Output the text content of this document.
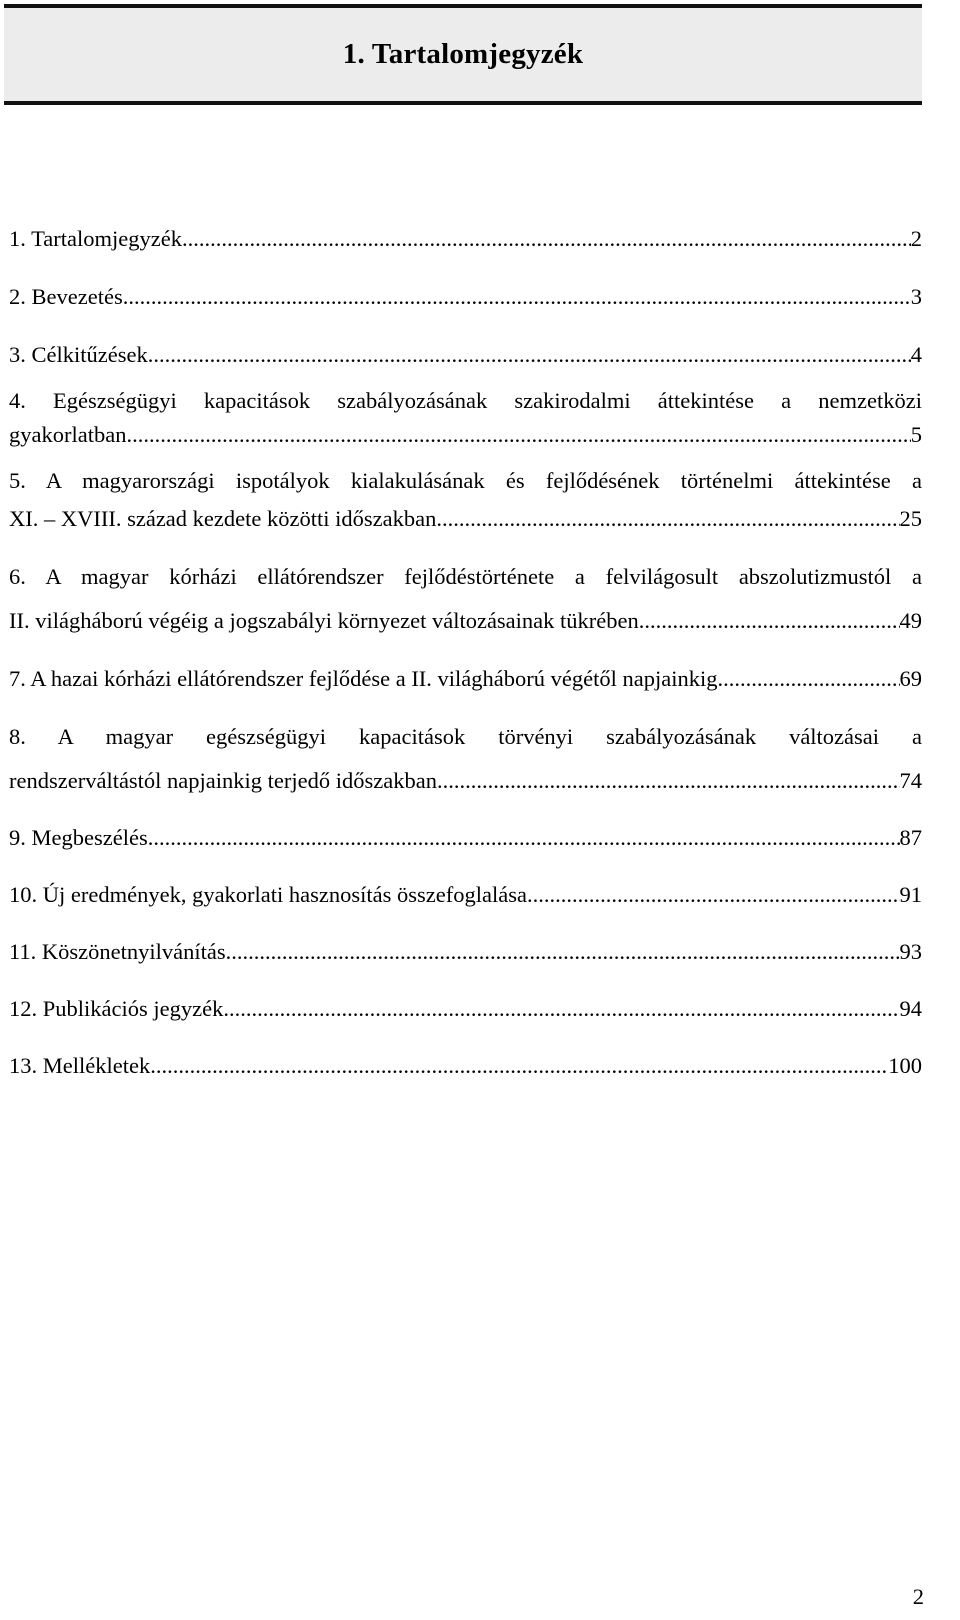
1. Tartalomjegyzék
1. Tartalomjegyzék .....	2
2. Bevezetés .....	3
3. Célkitűzések .....	4
4. Egészségügyi kapacitások szabályozásának szakirodalmi áttekintése a nemzetközi
gyakorlatban. .....	5
5. A magyarországi ispotályok kialakulásának és fejlődésének történelmi áttekintése a
XI. – XVIII. század kezdete közötti időszakban .....	25
6. A magyar kórházi ellátórendszer fejlődéstörténete a felvilágosult abszolutizmustól a
II. világháború végéig a jogszabályi környezet változásainak tükrében .....	49
7. A hazai kórházi ellátórendszer fejlődése a II. világháború végétől napjainkig .....	69
8. A magyar egészségügyi kapacitások törvényi szabályozásának változásai a
rendszerváltástól napjainkig terjedő időszakban .....	74
9. Megbeszélés .....	87
10. Új eredmények, gyakorlati hasznosítás összefoglalása .....	91
11. Köszönetnyilvánítás .....	93
12. Publikációs jegyzék .....	94
13. Mellékletek .....	100
2
